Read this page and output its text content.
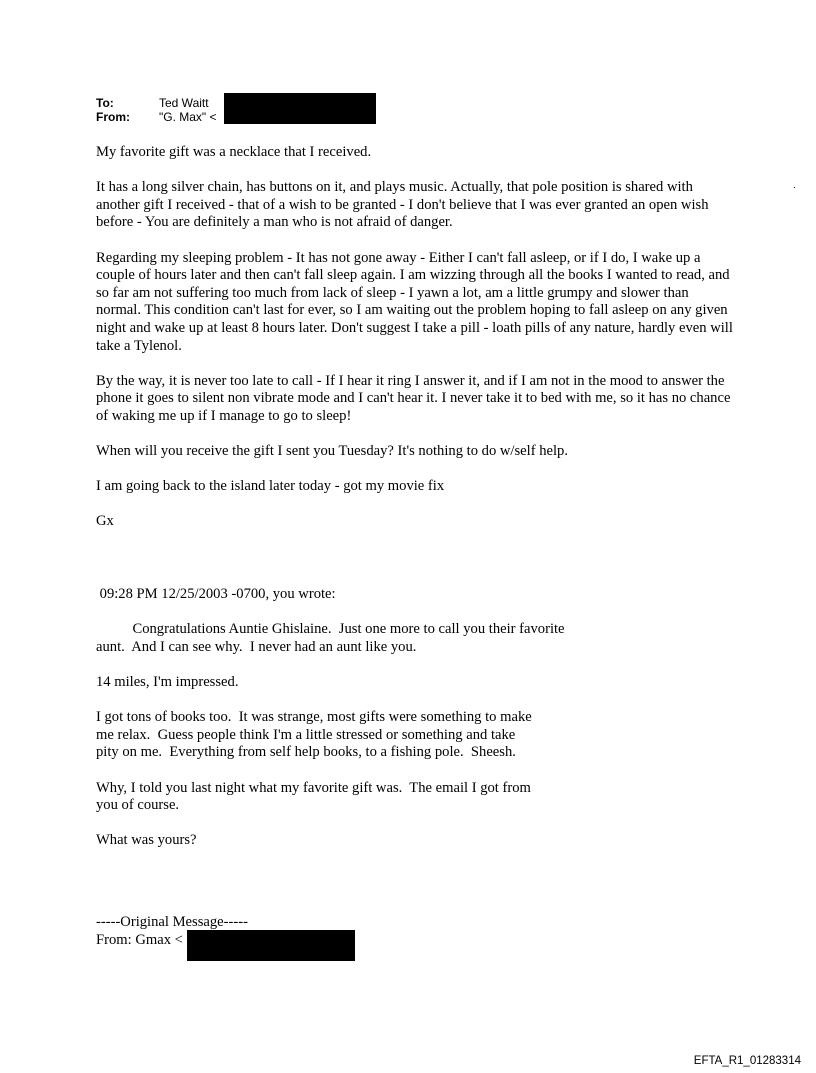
To:	Ted Waitt
From: "G. Max" <
.

My favorite gift was a necklace that I received.

It has a long silver chain, has buttons on it, and plays music. Actually, that pole position is shared with another gift I received - that of a wish to be granted - I don't believe that I was ever granted an open wish before - You are definitely a man who is not afraid of danger.

Regarding my sleeping problem - It has not gone away - Either I can't fall asleep, or if I do, I wake up a couple of hours later and then can't fall sleep again. I am wizzing through all the books I wanted to read, and so far am not suffering too much from lack of sleep - I yawn a lot, am a little grumpy and slower than normal. This condition can't last for ever, so I am waiting out the problem hoping to fall asleep on any given night and wake up at least 8 hours later. Don't suggest I take a pill - loath pills of any nature, hardly even will take a Tylenol.

By the way, it is never too late to call - If I hear it ring I answer it, and if I am not in the mood to answer the phone it goes to silent non vibrate mode and I can't hear it. I never take it to bed with me, so it has no chance of waking me up if I manage to go to sleep!

When will you receive the gift I sent you Tuesday? It's nothing to do w/self help.

I am going back to the island later today - got my movie fix

Gx

09:28 PM 12/25/2003 -0700, you wrote:

Congratulations Auntie Ghislaine.  Just one more to call you their favorite
aunt.  And I can see why.  I never had an aunt like you.

14 miles, I'm impressed.

I got tons of books too.  It was strange, most gifts were something to make
me relax.  Guess people think I'm a little stressed or something and take
pity on me.  Everything from self help books, to a fishing pole.  Sheesh.

Why, I told you last night what my favorite gift was.  The email I got from
you of course.

What was yours?

-----Original Message-----

From: Gmax <

EFTA_R1_01283314
